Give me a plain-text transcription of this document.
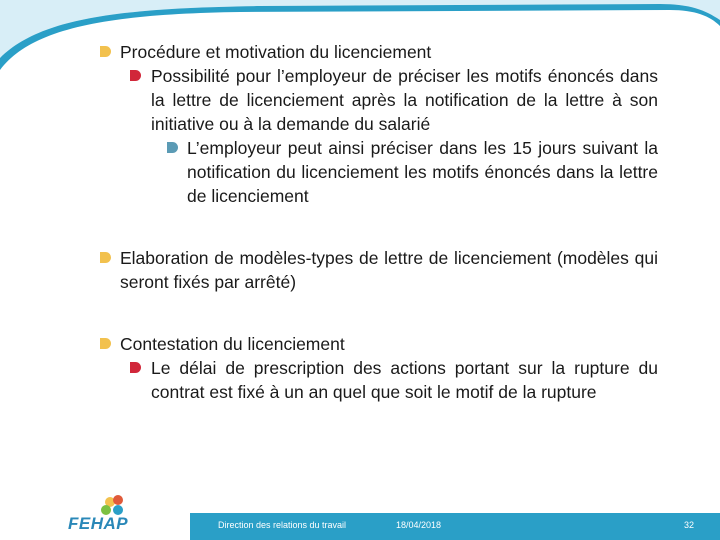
Procédure et motivation du licenciement
Possibilité pour l’employeur de préciser les motifs énoncés dans la lettre de licenciement après la notification de la lettre à son initiative ou à la demande du salarié
L’employeur peut ainsi préciser dans les 15 jours suivant la notification du licenciement les motifs énoncés dans la lettre de licenciement
Elaboration de modèles-types de lettre de licenciement (modèles qui seront fixés par arrêté)
Contestation du licenciement
Le délai de prescription des actions portant sur la rupture du contrat est fixé à un an quel que soit le motif de la rupture
FEHAP	Direction des relations du travail	18/04/2018	32
